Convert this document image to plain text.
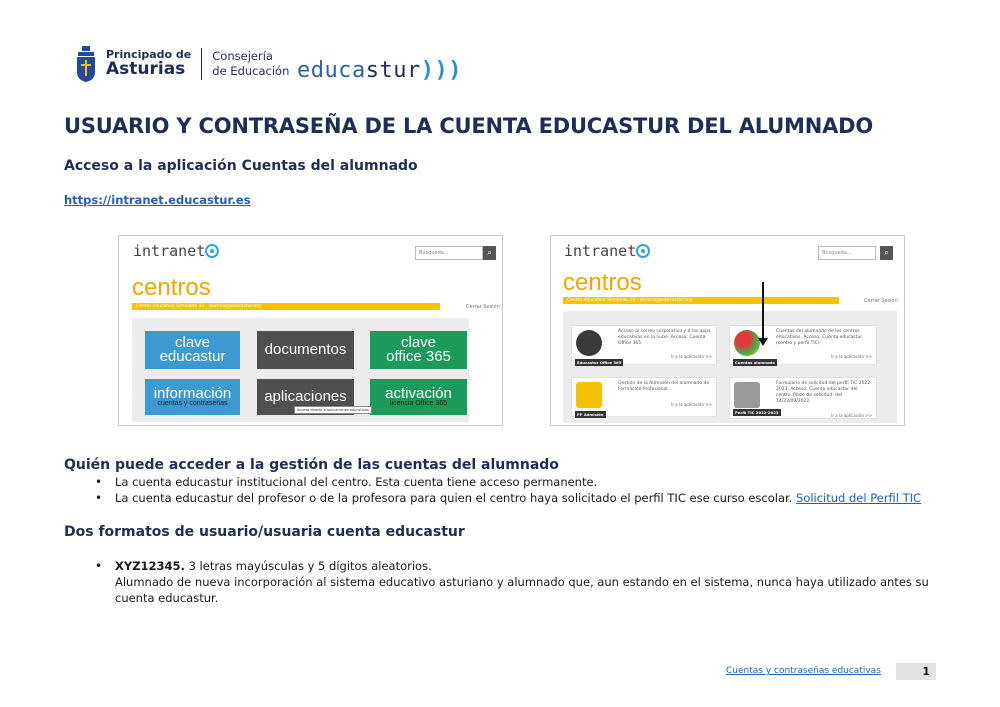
Principado de
Asturias
Consejería
de Educación educastur)))
USUARIO Y CONTRASEÑA DE LA CUENTA EDUCASTUR DEL ALUMNADO
Acceso a la aplicación Cuentas del alumnado
https://intranet.educastur.es
intranet	Búsqueda...	⌕
centros
Centro educativo Simulado 33 · alumno@educastur.org	Cerrar Sesión
clave
educastur	documentos	clave
office 365
información
cuentas y contraseñas aplicaciones	activación
licencia Office 365
Acceso directo a aplicaciones educativas
intranet	Búsqueda...	⌕
centros
Centro educativo Simulado 33 · alumno@educastur.org	Cerrar Sesión
Acceso al correo corporativo y a las apps educativas en la nube. Acceso: Cuenta Office 365
Ir a la aplicación >>
Educastur Office 365
Cuentas del alumnado de los centros educativos. Acceso: Cuenta educastur (centro y perfil TIC)
Ir a la aplicación >>
Cuentas alumnado
Gestión de la Admisión del alumnado de Formación Profesional
Ir a la aplicación >>
FP Admisión
Formulario de solicitud del perfil TIC 2022-2023. Acceso: Cuenta educastur del centro. Plazo de solicitud: del 14/23/09/2022
Ir a la aplicación >>
Perfil TIC 2022-2023
Quién puede acceder a la gestión de las cuentas del alumnado
• La cuenta educastur institucional del centro. Esta cuenta tiene acceso permanente.
• La cuenta educastur del profesor o de la profesora para quien el centro haya solicitado el perfil TIC ese curso escolar. Solicitud del Perfil TIC
Dos formatos de usuario/usuaria cuenta educastur
• XYZ12345. 3 letras mayúsculas y 5 dígitos aleatorios.
Alumnado de nueva incorporación al sistema educativo asturiano y alumnado que, aun estando en el sistema, nunca haya utilizado antes su cuenta educastur.
Cuentas y contraseñas educativas	1
